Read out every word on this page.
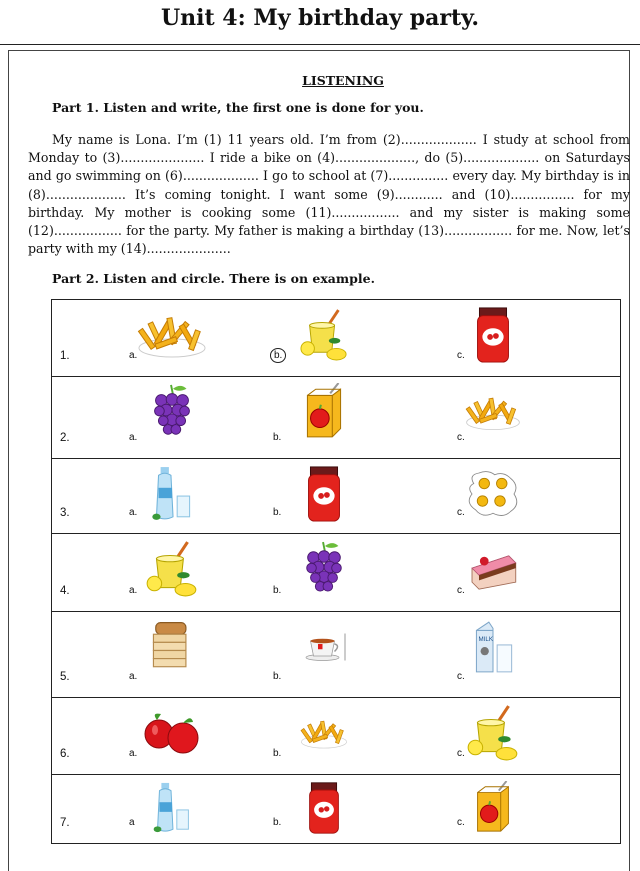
Unit 4: My birthday party.
LISTENING
Part 1. Listen and write, the first one is done for you.
My name is Lona. I’m (1) 11 years old. I’m from (2)................... I study at school from Monday to (3)..................... I ride a bike on (4)...................., do (5)................... on Saturdays and go swimming on (6)................... I go to school at (7)............... every day. My birthday is in (8).................... It’s coming tonight. I want some (9)............ and (10)................ for my birthday. My mother is cooking some (11)................. and my sister is making some (12)................. for the party. My father is making a birthday (13)................. for me. Now, let’s party with my (14).....................
Part 2. Listen and circle. There is on example.
1.	a.	b.	c.

2.	a.	b.	c.

3.	a.	b.	c.

4.	a.	b.	c.

5.	a.	b.	c.

6.	a.	b.	c.

7.	a	b.	c.
